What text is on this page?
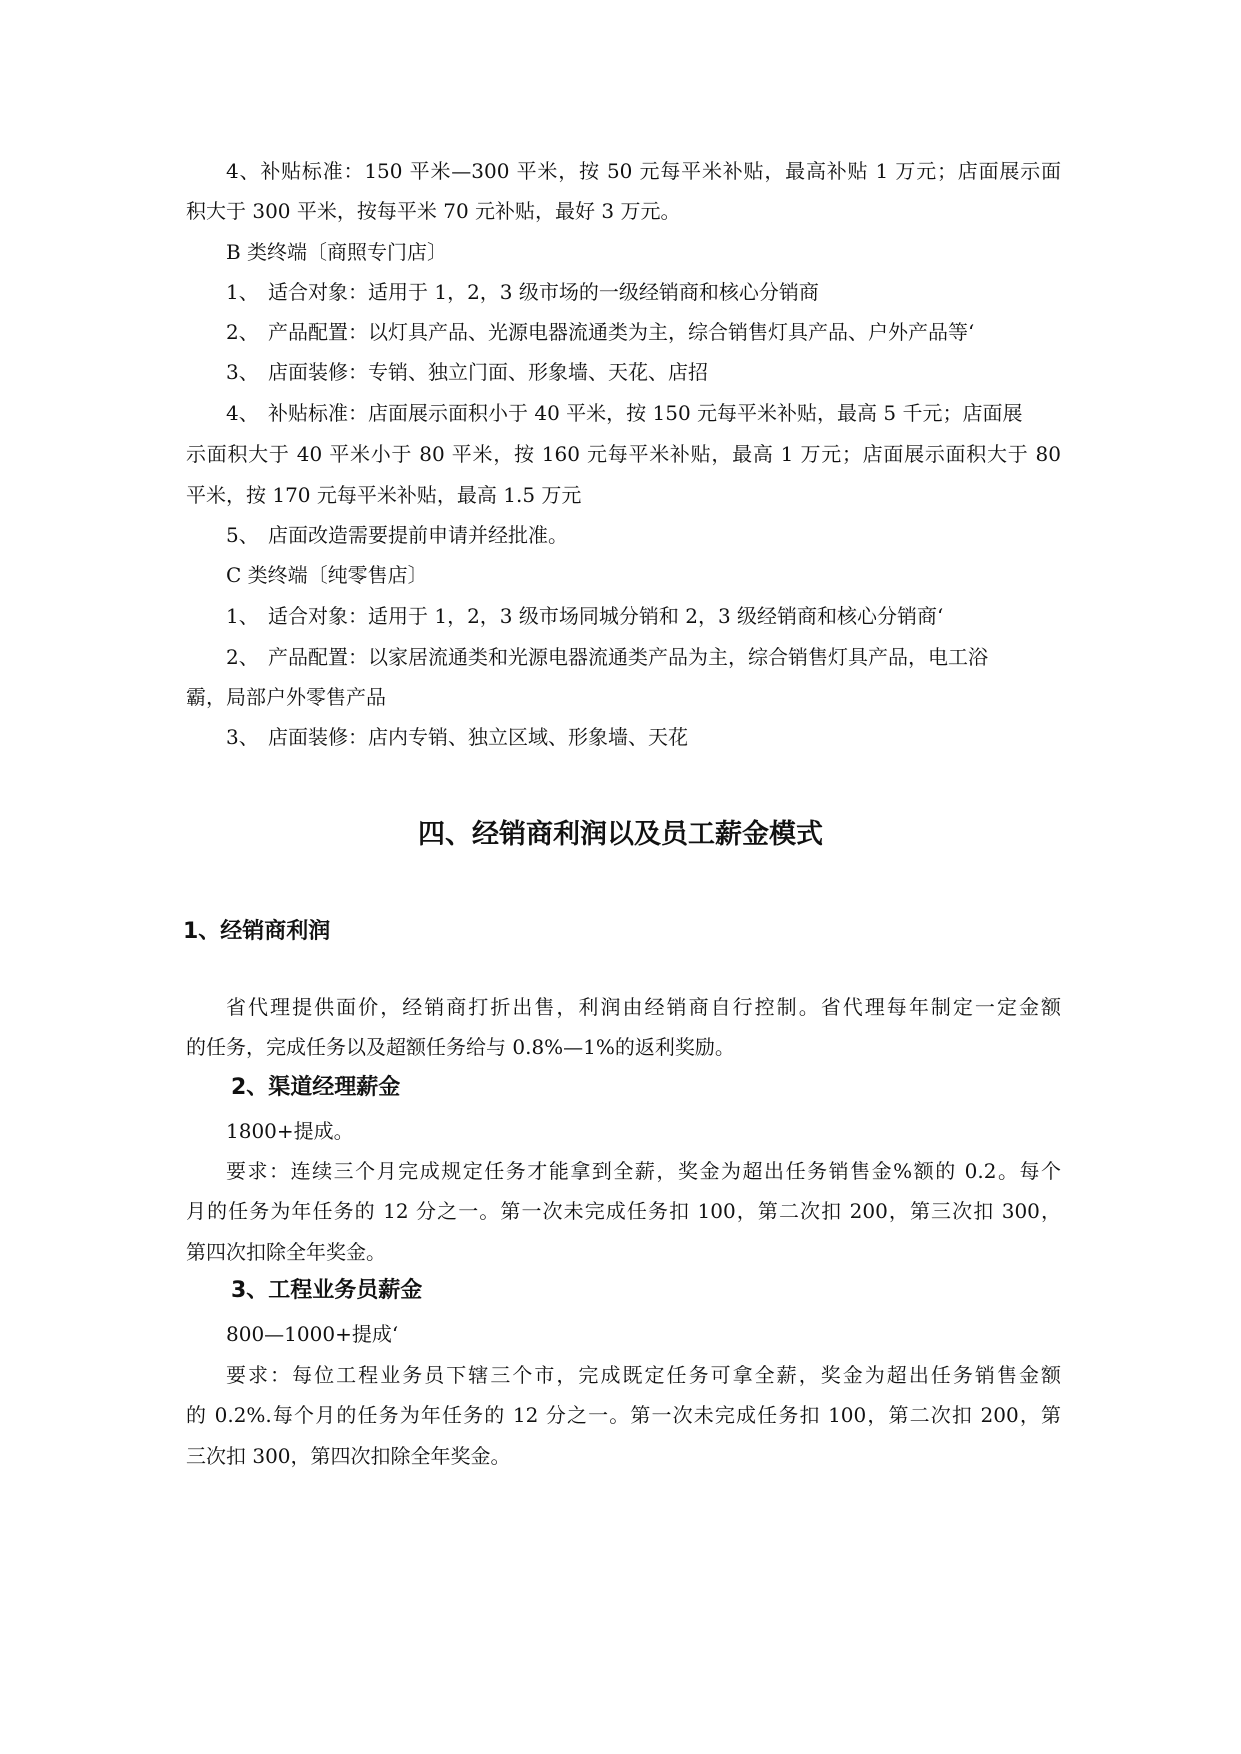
4、补贴标准：150 平米—300 平米，按 50 元每平米补贴，最高补贴 1 万元；店面展示面
积大于 300 平米，按每平米 70 元补贴，最好 3 万元。
B 类终端〔商照专门店〕
1、 适合对象：适用于 1，2，3 级市场的一级经销商和核心分销商
2、 产品配置：以灯具产品、光源电器流通类为主，综合销售灯具产品、户外产品等‘
3、 店面装修：专销、独立门面、形象墙、天花、店招
4、 补贴标准：店面展示面积小于 40 平米，按 150 元每平米补贴，最高 5 千元；店面展
示面积大于 40 平米小于 80 平米，按 160 元每平米补贴，最高 1 万元；店面展示面积大于 80
平米，按 170 元每平米补贴，最高 1.5 万元
5、 店面改造需要提前申请并经批准。
C 类终端〔纯零售店〕
1、 适合对象：适用于 1，2，3 级市场同城分销和 2，3 级经销商和核心分销商‘
2、 产品配置：以家居流通类和光源电器流通类产品为主，综合销售灯具产品，电工浴
霸，局部户外零售产品
3、 店面装修：店内专销、独立区域、形象墙、天花
四、经销商利润以及员工薪金模式
1、经销商利润
省代理提供面价，经销商打折出售，利润由经销商自行控制。省代理每年制定一定金额
的任务，完成任务以及超额任务给与 0.8%—1%的返利奖励。
2、渠道经理薪金
1800+提成。
要求：连续三个月完成规定任务才能拿到全薪，奖金为超出任务销售金%额的 0.2。每个
月的任务为年任务的 12 分之一。第一次未完成任务扣 100，第二次扣 200，第三次扣 300，
第四次扣除全年奖金。
3、工程业务员薪金
800—1000+提成‘
要求：每位工程业务员下辖三个市，完成既定任务可拿全薪，奖金为超出任务销售金额
的 0.2%.每个月的任务为年任务的 12 分之一。第一次未完成任务扣 100，第二次扣 200，第
三次扣 300，第四次扣除全年奖金。
